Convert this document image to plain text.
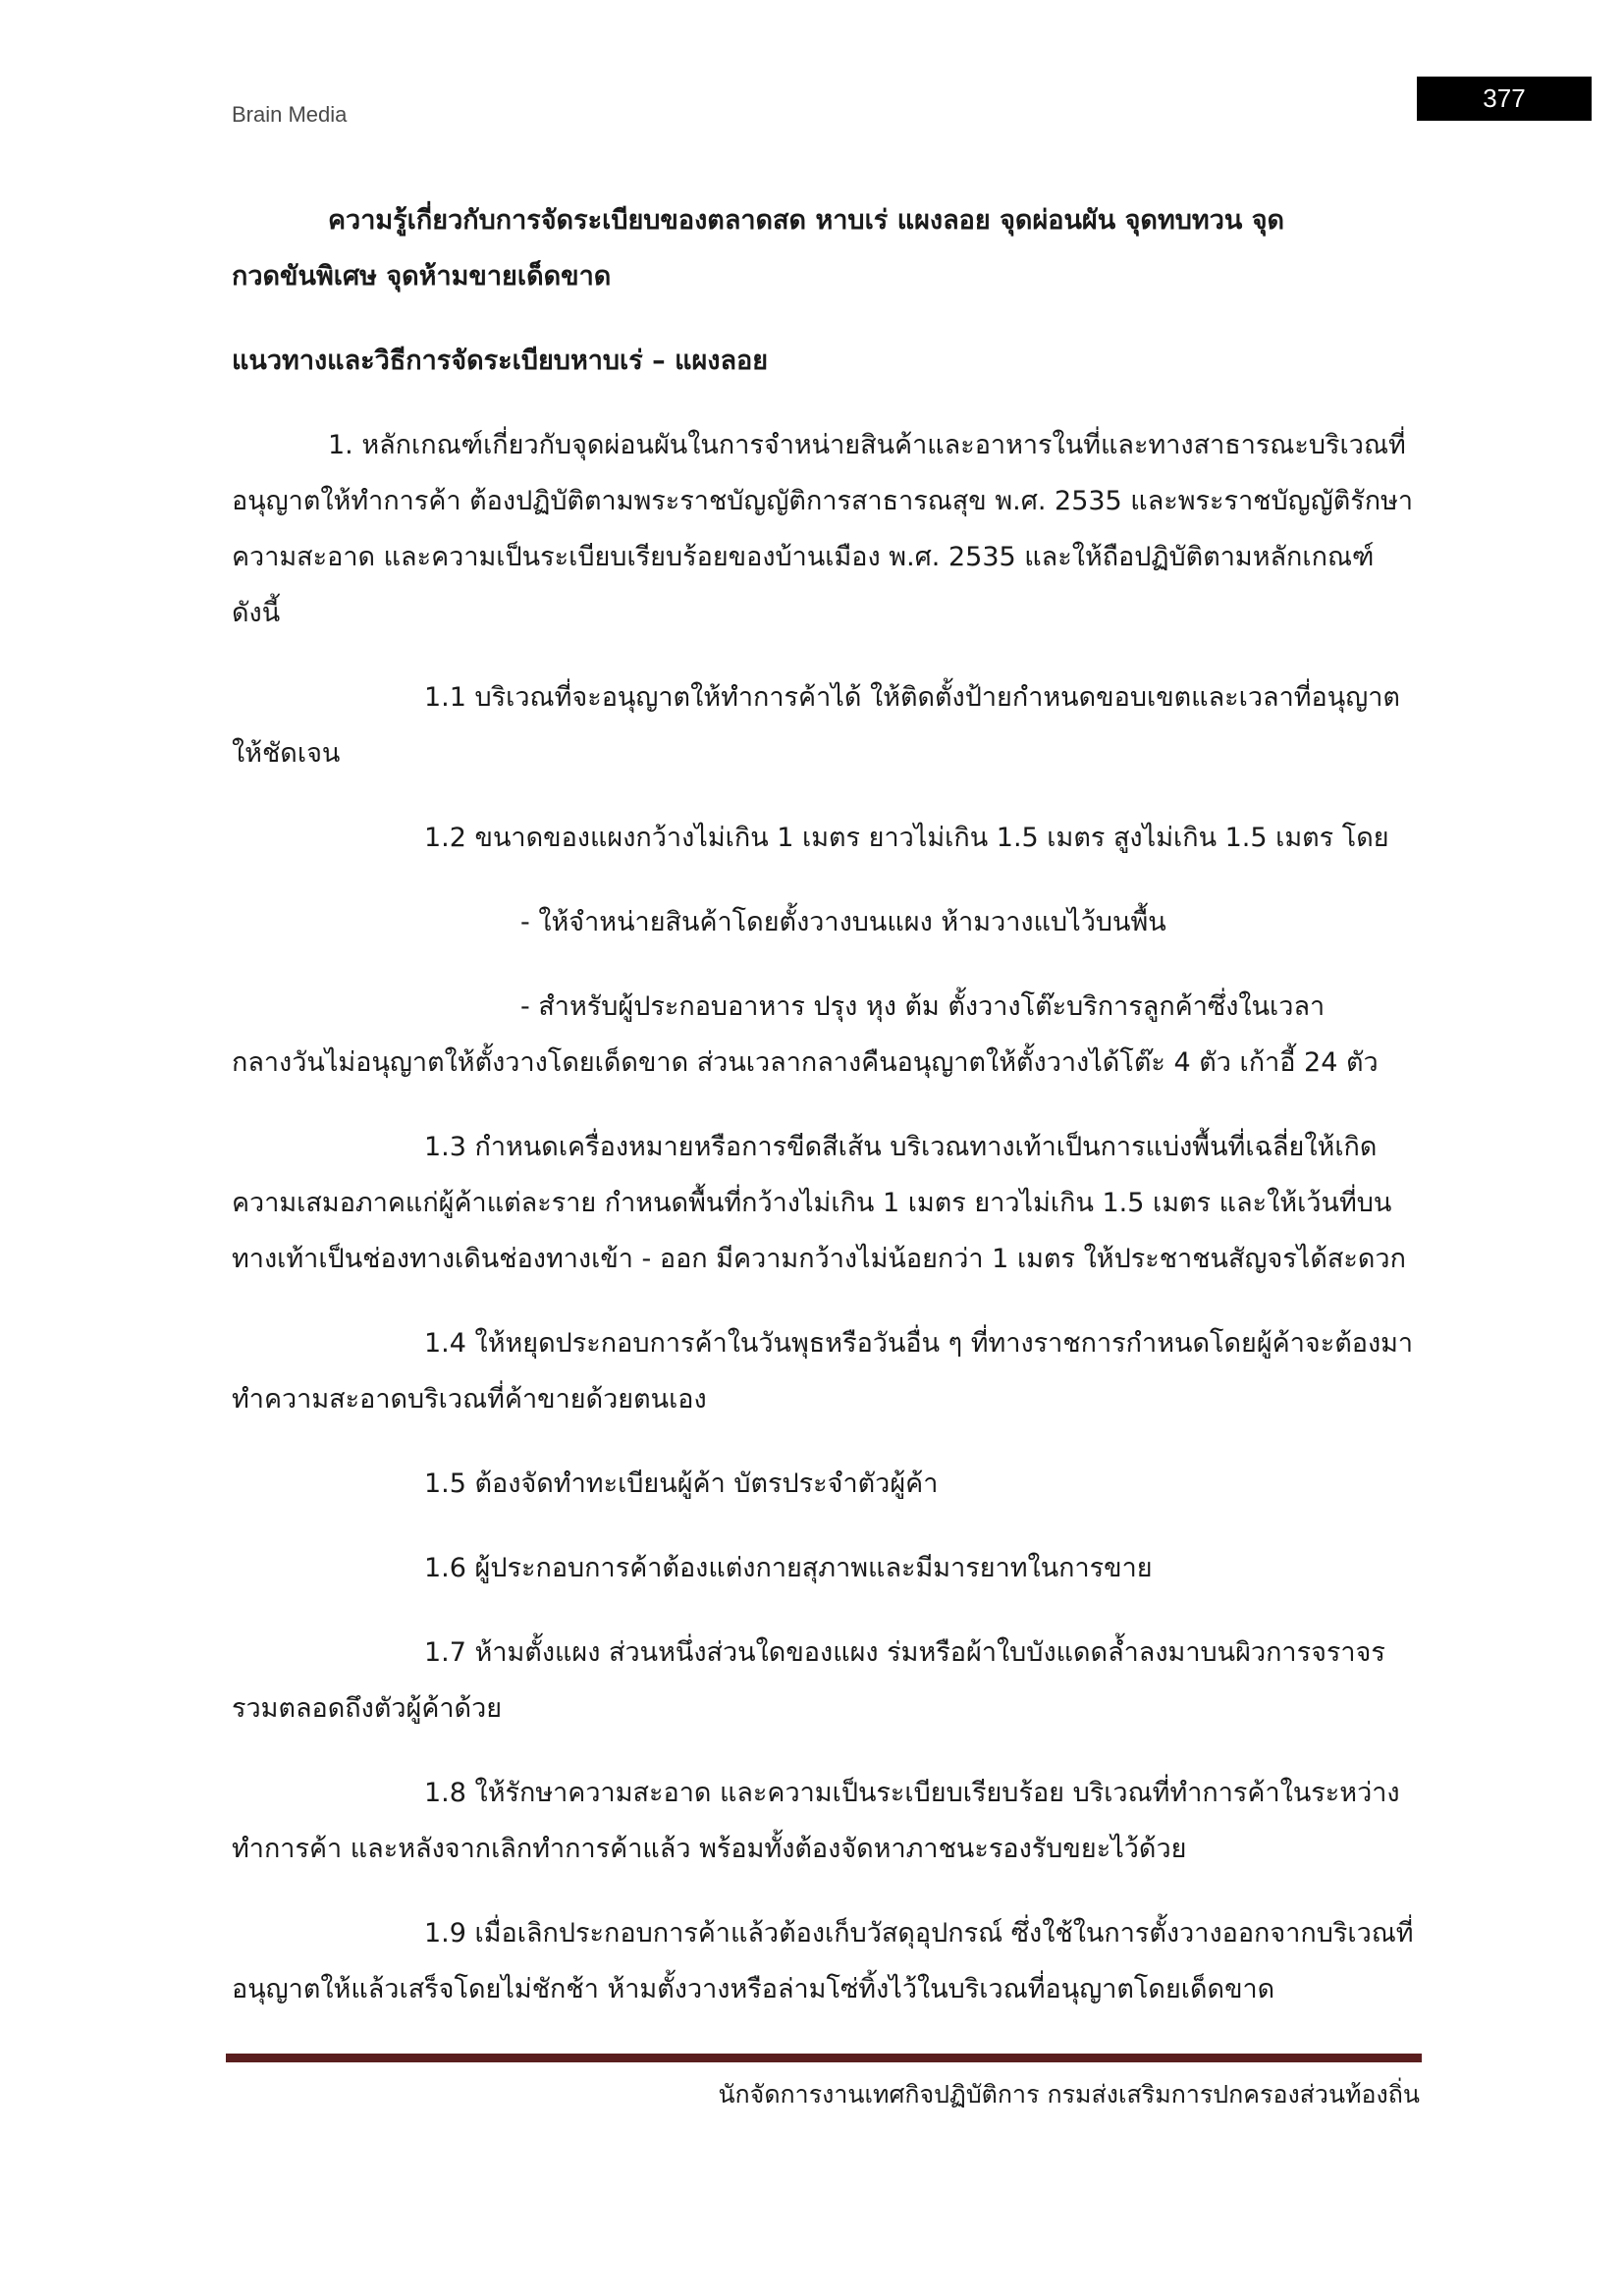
Brain Media
377
ความรู้เกี่ยวกับการจัดระเบียบของตลาดสด หาบเร่ แผงลอย จุดผ่อนผัน จุดทบทวน จุด
กวดขันพิเศษ จุดห้ามขายเด็ดขาด
แนวทางและวิธีการจัดระเบียบหาบเร่ – แผงลอย
1. หลักเกณฑ์เกี่ยวกับจุดผ่อนผันในการจำหน่ายสินค้าและอาหารในที่และทางสาธารณะบริเวณที่
อนุญาตให้ทำการค้า ต้องปฏิบัติตามพระราชบัญญัติการสาธารณสุข พ.ศ. 2535 และพระราชบัญญัติรักษา
ความสะอาด และความเป็นระเบียบเรียบร้อยของบ้านเมือง พ.ศ. 2535 และให้ถือปฏิบัติตามหลักเกณฑ์
ดังนี้
1.1 บริเวณที่จะอนุญาตให้ทำการค้าได้ ให้ติดตั้งป้ายกำหนดขอบเขตและเวลาที่อนุญาต
ให้ชัดเจน
1.2 ขนาดของแผงกว้างไม่เกิน 1 เมตร ยาวไม่เกิน 1.5 เมตร สูงไม่เกิน 1.5 เมตร โดย
- ให้จำหน่ายสินค้าโดยตั้งวางบนแผง ห้ามวางแบไว้บนพื้น
- สำหรับผู้ประกอบอาหาร ปรุง หุง ต้ม ตั้งวางโต๊ะบริการลูกค้าซึ่งในเวลา
กลางวันไม่อนุญาตให้ตั้งวางโดยเด็ดขาด ส่วนเวลากลางคืนอนุญาตให้ตั้งวางได้โต๊ะ 4 ตัว เก้าอี้ 24 ตัว
1.3 กำหนดเครื่องหมายหรือการขีดสีเส้น บริเวณทางเท้าเป็นการแบ่งพื้นที่เฉลี่ยให้เกิด
ความเสมอภาคแก่ผู้ค้าแต่ละราย กำหนดพื้นที่กว้างไม่เกิน 1 เมตร ยาวไม่เกิน 1.5 เมตร และให้เว้นที่บน
ทางเท้าเป็นช่องทางเดินช่องทางเข้า - ออก มีความกว้างไม่น้อยกว่า 1 เมตร ให้ประชาชนสัญจรได้สะดวก
1.4 ให้หยุดประกอบการค้าในวันพุธหรือวันอื่น ๆ ที่ทางราชการกำหนดโดยผู้ค้าจะต้องมา
ทำความสะอาดบริเวณที่ค้าขายด้วยตนเอง
1.5 ต้องจัดทำทะเบียนผู้ค้า บัตรประจำตัวผู้ค้า
1.6 ผู้ประกอบการค้าต้องแต่งกายสุภาพและมีมารยาทในการขาย
1.7 ห้ามตั้งแผง ส่วนหนึ่งส่วนใดของแผง ร่มหรือผ้าใบบังแดดล้ำลงมาบนผิวการจราจร
รวมตลอดถึงตัวผู้ค้าด้วย
1.8 ให้รักษาความสะอาด และความเป็นระเบียบเรียบร้อย บริเวณที่ทำการค้าในระหว่าง
ทำการค้า และหลังจากเลิกทำการค้าแล้ว พร้อมทั้งต้องจัดหาภาชนะรองรับขยะไว้ด้วย
1.9 เมื่อเลิกประกอบการค้าแล้วต้องเก็บวัสดุอุปกรณ์ ซึ่งใช้ในการตั้งวางออกจากบริเวณที่
อนุญาตให้แล้วเสร็จโดยไม่ชักช้า ห้ามตั้งวางหรือล่ามโซ่ทิ้งไว้ในบริเวณที่อนุญาตโดยเด็ดขาด
นักจัดการงานเทศกิจปฏิบัติการ กรมส่งเสริมการปกครองส่วนท้องถิ่น
